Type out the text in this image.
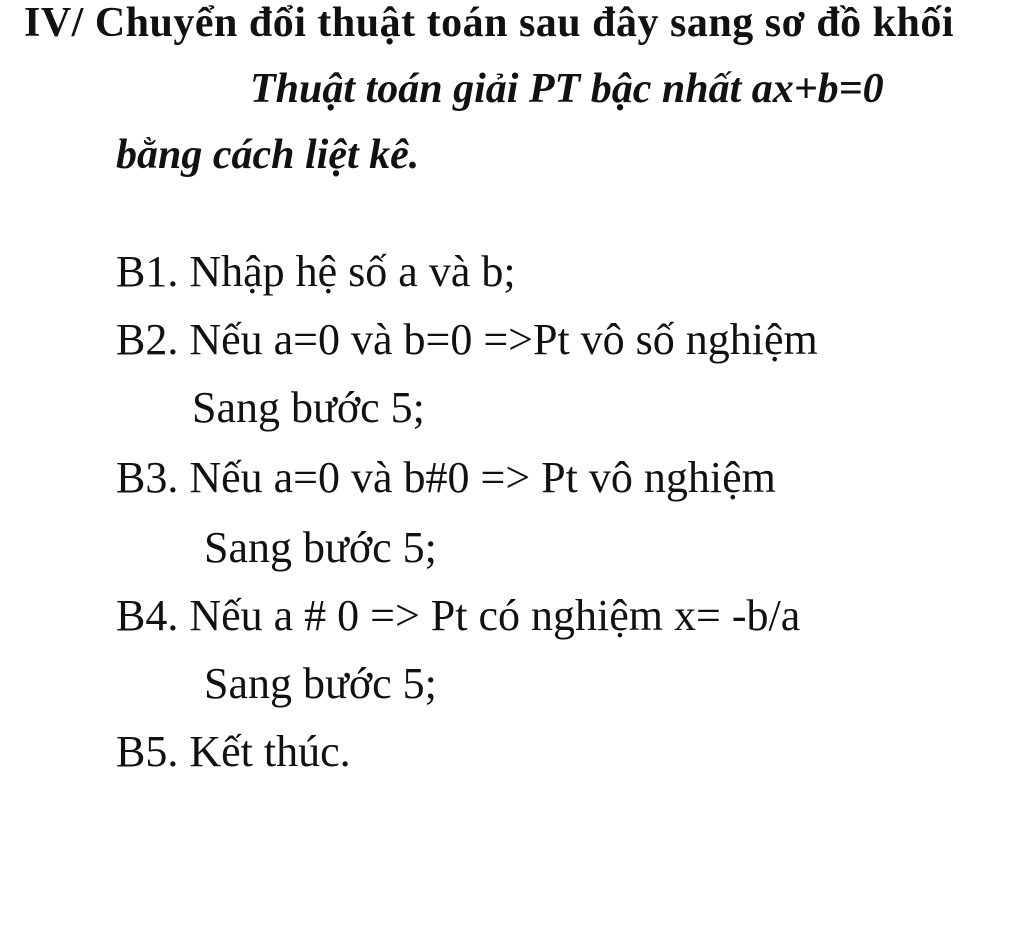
IV/ Chuyển đổi thuật toán sau đây sang sơ đồ khối
Thuật toán giải PT bậc nhất ax+b=0
bằng cách liệt kê.
B1. Nhập hệ số a và b;
B2. Nếu a=0 và b=0 =>Pt vô số nghiệm
Sang bước 5;
B3. Nếu a=0 và b#0 => Pt vô nghiệm
Sang bước 5;
B4. Nếu a # 0 => Pt có nghiệm x= -b/a
Sang bước 5;
B5. Kết thúc.
